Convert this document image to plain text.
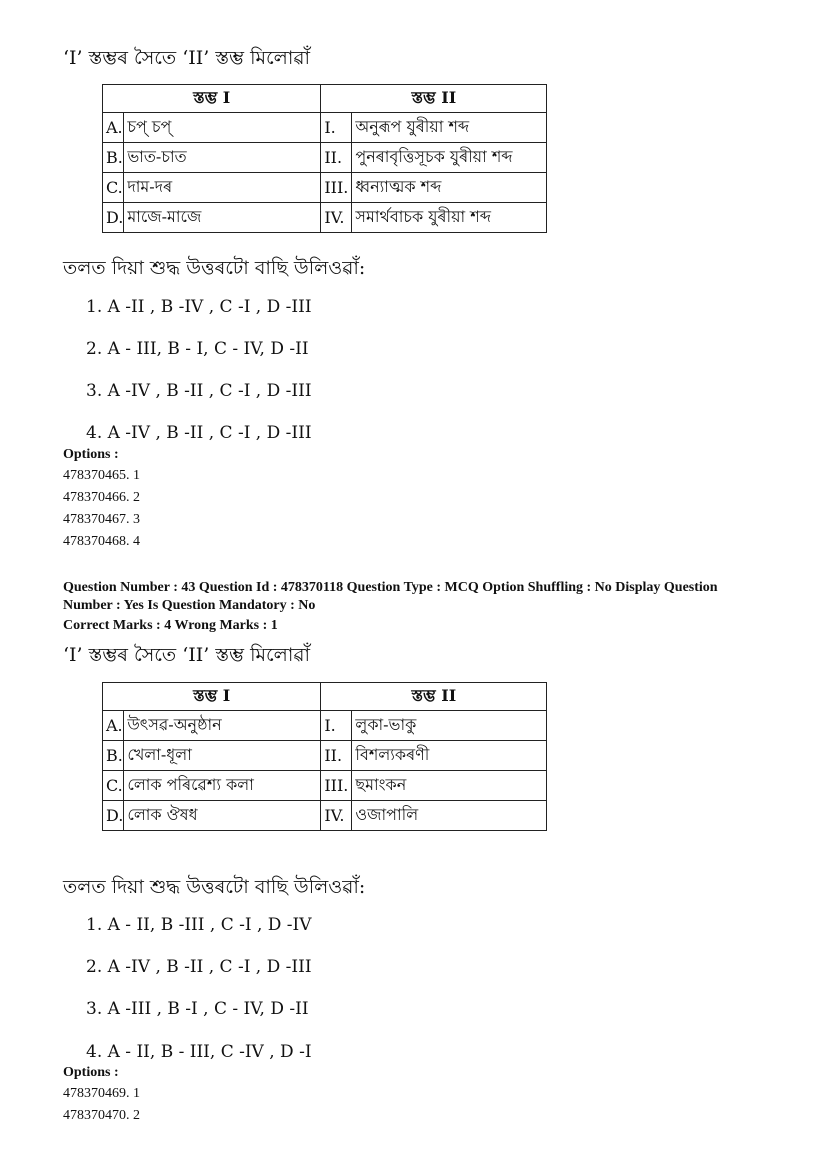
‘I’ স্তম্ভৰ সৈতে ‘II’ স্তম্ভ মিলোৱাঁ
স্তম্ভ I		স্তম্ভ II	
A.	চপ্ চপ্	I.	অনুৰূপ যুৰীয়া শব্দ
B.	ভাত-চাত	II.	পুনৰাবৃত্তিসূচক যুৰীয়া শব্দ
C.	দাম-দৰ	III.	ধ্বন্যাত্মক শব্দ
D.	মাজে-মাজে	IV.	সমার্থবাচক যুৰীয়া শব্দ
তলত দিয়া শুদ্ধ উত্তৰটো বাছি উলিওৱাঁ:
1. A -II , B -IV , C -I , D -III
2. A - III, B - I, C - IV, D -II
3. A -IV , B -II , C -I , D -III
4. A -IV , B -II , C -I , D -III
Options :
478370465. 1
478370466. 2
478370467. 3
478370468. 4
Question Number : 43 Question Id : 478370118 Question Type : MCQ Option Shuffling : No Display Question
Number : Yes Is Question Mandatory : No
Correct Marks : 4 Wrong Marks : 1
‘I’ স্তম্ভৰ সৈতে ‘II’ স্তম্ভ মিলোৱাঁ
স্তম্ভ I		স্তম্ভ II	
A.	উৎসৱ-অনুষ্ঠান	I.	লুকা-ভাকু
B.	খেলা-ধূলা	II.	বিশল্যকৰণী
C.	লোক পৰিৱেশ্য কলা	III.	ছমাংকন
D.	লোক ঔষধ	IV.	ওজাপালি
তলত দিয়া শুদ্ধ উত্তৰটো বাছি উলিওৱাঁ:
1. A - II, B -III , C -I , D -IV
2. A -IV , B -II , C -I , D -III
3. A -III , B -I , C - IV, D -II
4. A - II, B - III, C -IV , D -I
Options :
478370469. 1
478370470. 2
